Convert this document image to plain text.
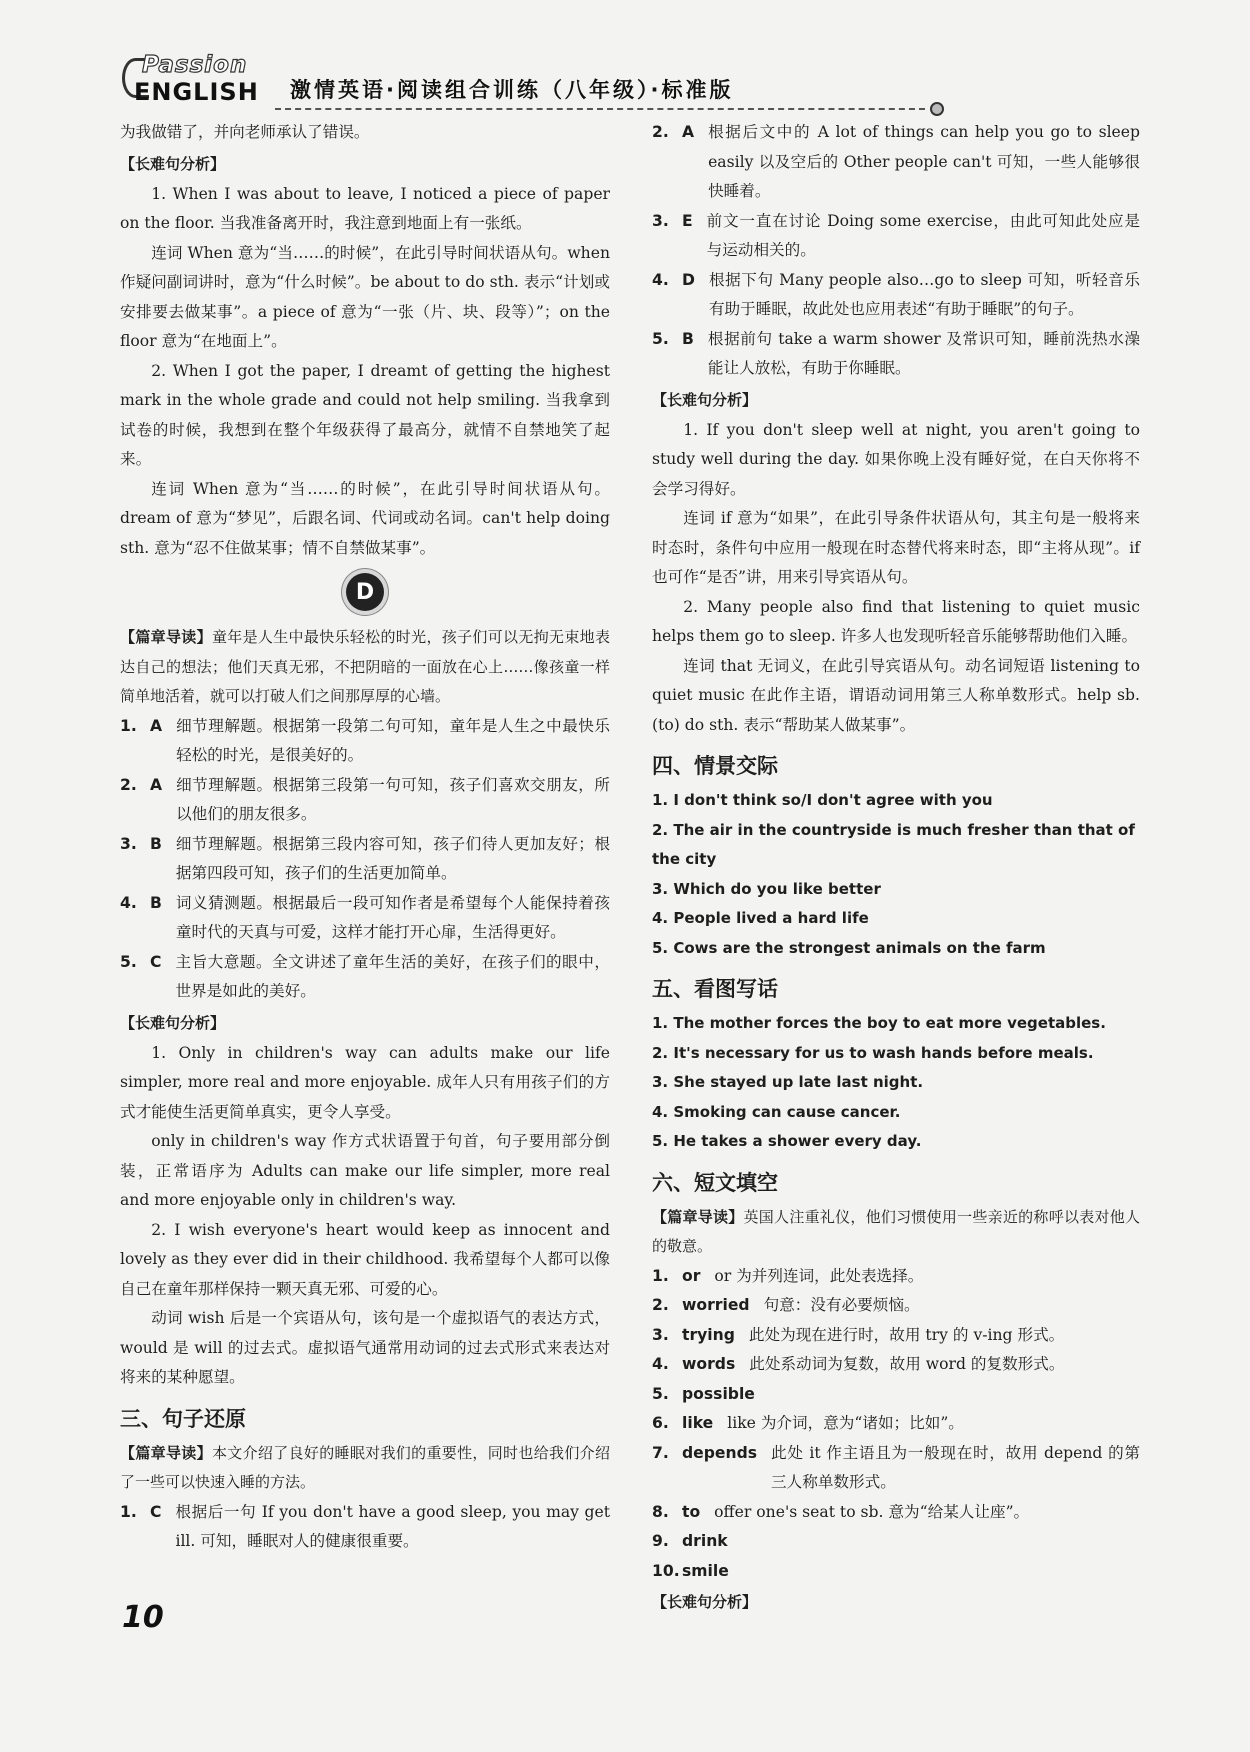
Passion
ENGLISH 激情英语·阅读组合训练（八年级）·标准版

为我做错了，并向老师承认了错误。

【长难句分析】

1. When I was about to leave, I noticed a piece of paper on the floor. 当我准备离开时，我注意到地面上有一张纸。

连词 When 意为“当……的时候”，在此引导时间状语从句。when 作疑问副词讲时，意为“什么时候”。be about to do sth. 表示“计划或安排要去做某事”。a piece of 意为“一张（片、块、段等）”；on the floor 意为“在地面上”。

2. When I got the paper, I dreamt of getting the highest mark in the whole grade and could not help smiling. 当我拿到试卷的时候，我想到在整个年级获得了最高分，就情不自禁地笑了起来。

连词 When 意为“当……的时候”，在此引导时间状语从句。dream of 意为“梦见”，后跟名词、代词或动名词。can't help doing sth. 意为“忍不住做某事；情不自禁做某事”。

D

【篇章导读】童年是人生中最快乐轻松的时光，孩子们可以无拘无束地表达自己的想法；他们天真无邪，不把阴暗的一面放在心上……像孩童一样简单地活着，就可以打破人们之间那厚厚的心墙。

1. A 细节理解题。根据第一段第二句可知，童年是人生之中最快乐轻松的时光，是很美好的。
2. A 细节理解题。根据第三段第一句可知，孩子们喜欢交朋友，所以他们的朋友很多。
3. B 细节理解题。根据第三段内容可知，孩子们待人更加友好；根据第四段可知，孩子们的生活更加简单。
4. B 词义猜测题。根据最后一段可知作者是希望每个人能保持着孩童时代的天真与可爱，这样才能打开心扉，生活得更好。
5. C 主旨大意题。全文讲述了童年生活的美好，在孩子们的眼中，世界是如此的美好。
【长难句分析】

1. Only in children's way can adults make our life simpler, more real and more enjoyable. 成年人只有用孩子们的方式才能使生活更简单真实，更令人享受。

only in children's way 作方式状语置于句首，句子要用部分倒装，正常语序为 Adults can make our life simpler, more real and more enjoyable only in children's way.

2. I wish everyone's heart would keep as innocent and lovely as they ever did in their childhood. 我希望每个人都可以像自己在童年那样保持一颗天真无邪、可爱的心。

动词 wish 后是一个宾语从句，该句是一个虚拟语气的表达方式，would 是 will 的过去式。虚拟语气通常用动词的过去式形式来表达对将来的某种愿望。

三、句子还原

【篇章导读】本文介绍了良好的睡眠对我们的重要性，同时也给我们介绍了一些可以快速入睡的方法。

1. C 根据后一句 If you don't have a good sleep, you may get ill. 可知，睡眠对人的健康很重要。
2. A 根据后文中的 A lot of things can help you go to sleep easily 以及空后的 Other people can't 可知，一些人能够很快睡着。
3. E 前文一直在讨论 Doing some exercise，由此可知此处应是与运动相关的。
4. D 根据下句 Many people also…go to sleep 可知，听轻音乐有助于睡眠，故此处也应用表述“有助于睡眠”的句子。
5. B 根据前句 take a warm shower 及常识可知，睡前洗热水澡能让人放松，有助于你睡眠。
【长难句分析】

1. If you don't sleep well at night, you aren't going to study well during the day. 如果你晚上没有睡好觉，在白天你将不会学习得好。

连词 if 意为“如果”，在此引导条件状语从句，其主句是一般将来时态时，条件句中应用一般现在时态替代将来时态，即“主将从现”。if 也可作“是否”讲，用来引导宾语从句。

2. Many people also find that listening to quiet music helps them go to sleep. 许多人也发现听轻音乐能够帮助他们入睡。

连词 that 无词义，在此引导宾语从句。动名词短语 listening to quiet music 在此作主语，谓语动词用第三人称单数形式。help sb. (to) do sth. 表示“帮助某人做某事”。

四、情景交际
1. I don't think so/I don't agree with you
2. The air in the countryside is much fresher than that of the city
3. Which do you like better
4. People lived a hard life
5. Cows are the strongest animals on the farm
五、看图写话
1. The mother forces the boy to eat more vegetables.
2. It's necessary for us to wash hands before meals.
3. She stayed up late last night.
4. Smoking can cause cancer.
5. He takes a shower every day.
六、短文填空

【篇章导读】英国人注重礼仪，他们习惯使用一些亲近的称呼以表对他人的敬意。

1. or or 为并列连词，此处表选择。
2. worried 句意：没有必要烦恼。
3. trying 此处为现在进行时，故用 try 的 v-ing 形式。
4. words 此处系动词为复数，故用 word 的复数形式。
5. possible
6. like like 为介词，意为“诸如；比如”。
7. depends 此处 it 作主语且为一般现在时，故用 depend 的第三人称单数形式。
8. to offer one's seat to sb. 意为“给某人让座”。
9. drink
10. smile
【长难句分析】
10
